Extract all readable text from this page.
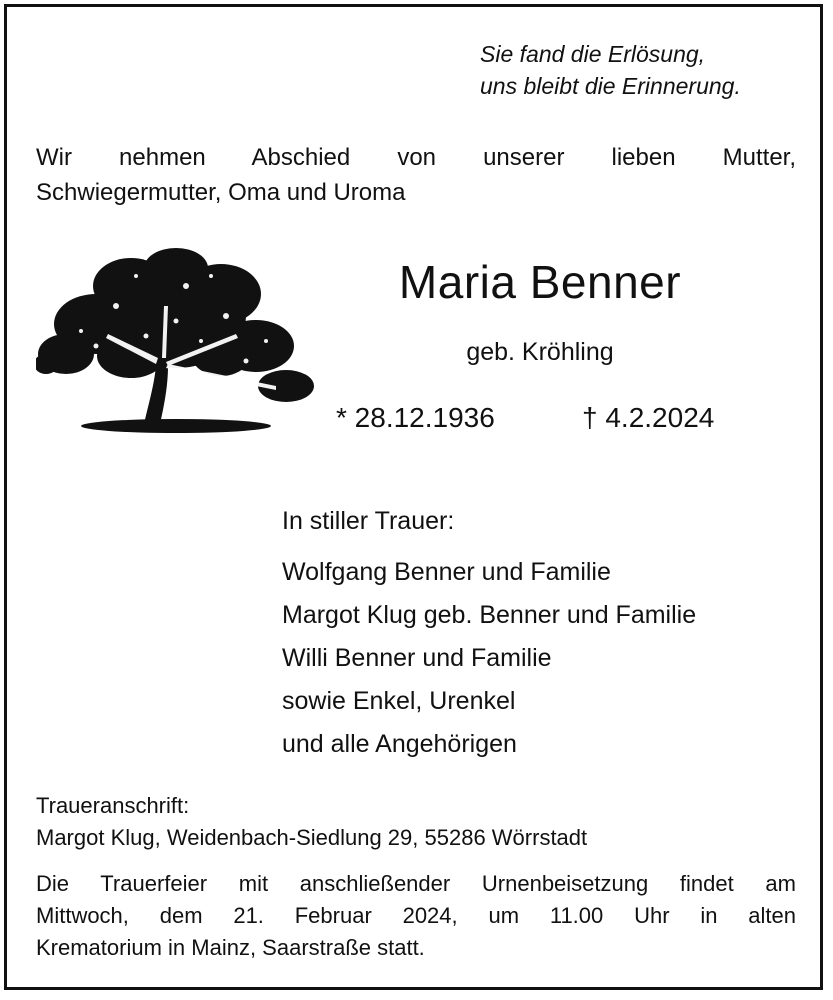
Sie fand die Erlösung,
uns bleibt die Erinnerung.
Wir nehmen Abschied von unserer lieben Mutter,
Schwiegermutter, Oma und Uroma
Maria Benner
geb. Kröhling
* 28.12.1936	† 4.2.2024
In stiller Trauer:
Wolfgang Benner und Familie
Margot Klug geb. Benner und Familie
Willi Benner und Familie
sowie Enkel, Urenkel
und alle Angehörigen
Traueranschrift:
Margot Klug, Weidenbach-Siedlung 29, 55286 Wörrstadt
Die Trauerfeier mit anschließender Urnenbeisetzung findet am
Mittwoch, dem 21. Februar 2024, um 11.00 Uhr in alten
Krematorium in Mainz, Saarstraße statt.
